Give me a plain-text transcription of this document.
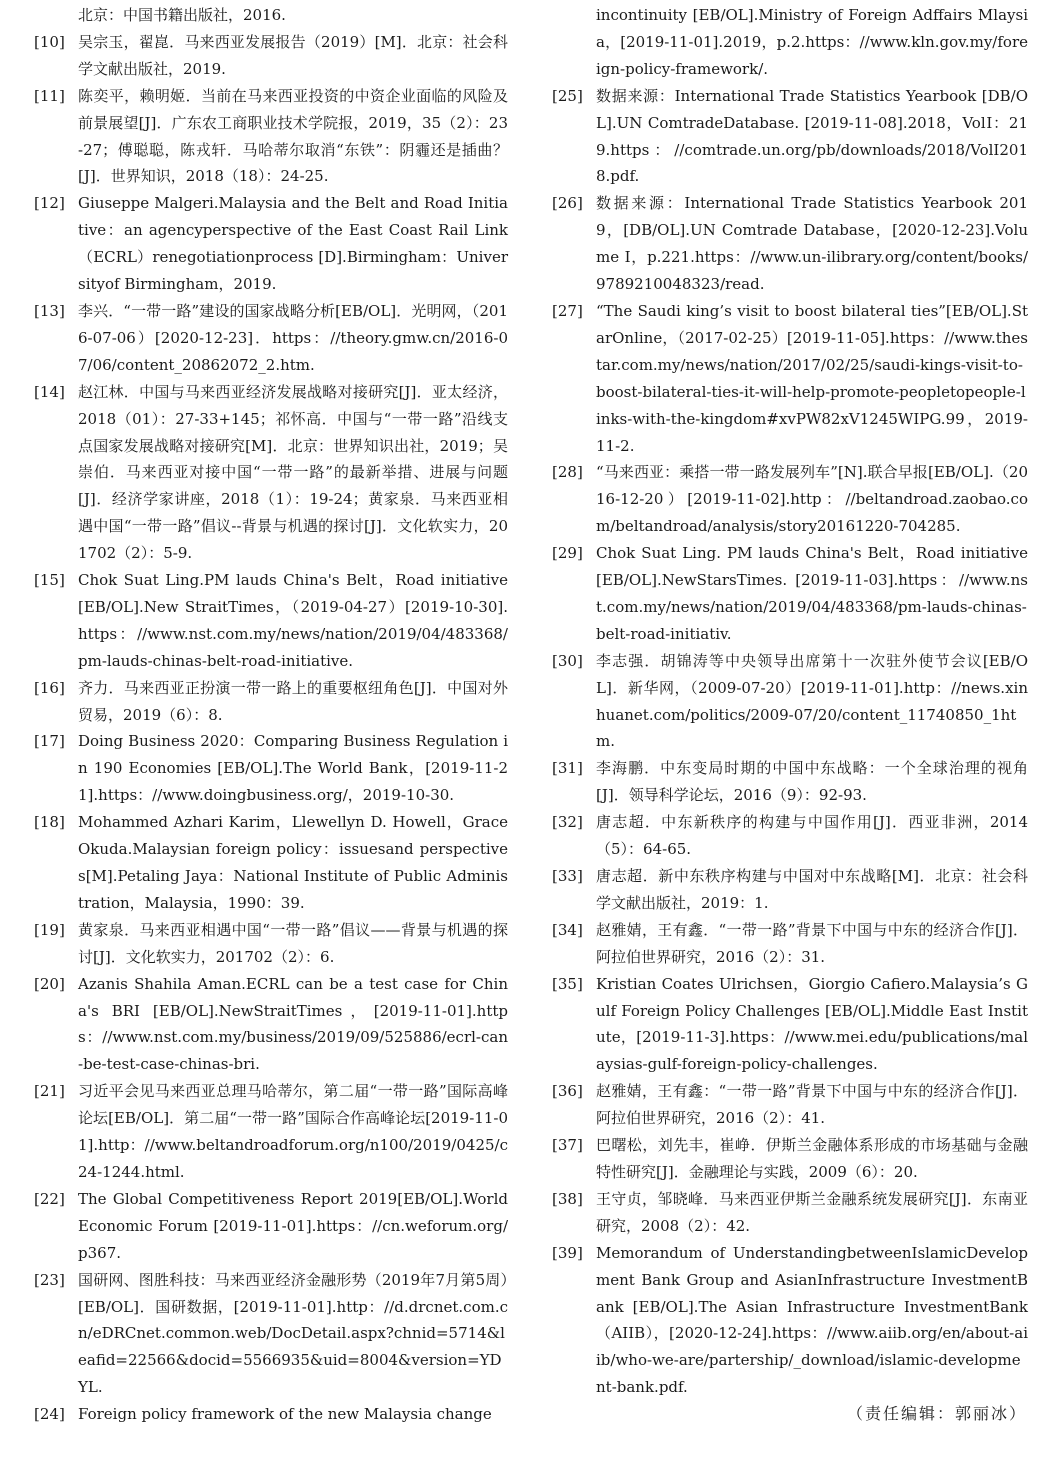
北京：中国书籍出版社，2016.
[10] 吴宗玉，翟崑．马来西亚发展报告（2019）[M]．北京：社会科学文献出版社，2019.
[11] 陈奕平，赖明姬．当前在马来西亚投资的中资企业面临的风险及前景展望[J]．广东农工商职业技术学院报，2019，35（2）：23-27；傅聪聪，陈戎轩．马哈蒂尔取消“东铁”：阴霾还是插曲？[J]．世界知识，2018（18）：24-25.
[12] Giuseppe Malgeri.Malaysia and the Belt and Road Initiative：an agencyperspective of the East Coast Rail Link（ECRL）renegotiationprocess [D].Birmingham：Universityof Birmingham，2019.
[13] 李兴．“一带一路”建设的国家战略分析[EB/OL]．光明网，（2016-07-06）[2020-12-23]．https：//theory.gmw.cn/2016-07/06/content_20862072_2.htm.
[14] 赵江林．中国与马来西亚经济发展战略对接研究[J]．亚太经济，2018（01）：27-33+145；祁怀高．中国与“一带一路”沿线支点国家发展战略对接研究[M]．北京：世界知识出社，2019；吴崇伯．马来西亚对接中国“一带一路”的最新举措、进展与问题[J]．经济学家讲座，2018（1）：19-24；黄家泉．马来西亚相遇中国“一带一路”倡议--背景与机遇的探讨[J]．文化软实力，201702（2）：5-9.
[15] Chok Suat Ling.PM lauds China's Belt，Road initiative[EB/OL].New StraitTimes，（2019-04-27）[2019-10-30].https：//www.nst.com.my/news/nation/2019/04/483368/pm-lauds-chinas-belt-road-initiative.
[16] 齐力．马来西亚正扮演一带一路上的重要枢纽角色[J]．中国对外贸易，2019（6）：8.
[17] Doing Business 2020：Comparing Business Regulation in 190 Economies [EB/OL].The World Bank，[2019-11-21].https：//www.doingbusiness.org/，2019-10-30.
[18] Mohammed Azhari Karim，Llewellyn D. Howell，Grace Okuda.Malaysian foreign policy：issuesand perspectives[M].Petaling Jaya：National Institute of Public Administration，Malaysia，1990：39.
[19] 黄家泉．马来西亚相遇中国“一带一路”倡议——背景与机遇的探讨[J]．文化软实力，201702（2）：6.
[20] Azanis Shahila Aman.ECRL can be a test case for China's BRI [EB/OL].NewStraitTimes，[2019-11-01].https：//www.nst.com.my/business/2019/09/525886/ecrl-can-be-test-case-chinas-bri.
[21] 习近平会见马来西亚总理马哈蒂尔，第二届“一带一路”国际高峰论坛[EB/OL]．第二届“一带一路”国际合作高峰论坛[2019-11-01].http：//www.beltandroadforum.org/n100/2019/0425/c24-1244.html.
[22] The Global Competitiveness Report 2019[EB/OL].World Economic Forum [2019-11-01].https：//cn.weforum.org/p367.
[23] 国研网、图胜科技：马来西亚经济金融形势（2019年7月第5周）[EB/OL]．国研数据，[2019-11-01].http：//d.drcnet.com.cn/eDRCnet.common.web/DocDetail.aspx?chnid=5714&leafid=22566&docid=5566935&uid=8004&version=YDYL.
[24] Foreign policy framework of the new Malaysia change
incontinuity [EB/OL].Ministry of Foreign Adffairs Mlaysia，[2019-11-01].2019，p.2.https：//www.kln.gov.my/foreign-policy-framework/.
[25] 数据来源：International Trade Statistics Yearbook [DB/OL].UN ComtradeDatabase. [2019-11-08].2018，VolⅠ：219.https：//comtrade.un.org/pb/downloads/2018/VolI2018.pdf.
[26] 数据来源：International Trade Statistics Yearbook 2019，[DB/OL].UN Comtrade Database，[2020-12-23].Volume Ⅰ，p.221.https：//www.un-ilibrary.org/content/books/9789210048323/read.
[27] “The Saudi king’s visit to boost bilateral ties”[EB/OL].StarOnline，（2017-02-25）[2019-11-05].https：//www.thestar.com.my/news/nation/2017/02/25/saudi-kings-visit-to-boost-bilateral-ties-it-will-help-promote-peopletopeople-links-with-the-kingdom#xvPW82xV1245WIPG.99，2019-11-2.
[28] “马来西亚：乘搭一带一路发展列车”[N].联合早报[EB/OL].（2016-12-20）[2019-11-02].http：//beltandroad.zaobao.com/beltandroad/analysis/story20161220-704285.
[29] Chok Suat Ling. PM lauds China's Belt，Road initiative[EB/OL].NewStarsTimes. [2019-11-03].https：//www.nst.com.my/news/nation/2019/04/483368/pm-lauds-chinas-belt-road-initiativ.
[30] 李志强．胡锦涛等中央领导出席第十一次驻外使节会议[EB/OL]．新华网，（2009-07-20）[2019-11-01].http：//news.xinhuanet.com/politics/2009-07/20/content_11740850_1htm.
[31] 李海鹏．中东变局时期的中国中东战略：一个全球治理的视角[J]．领导科学论坛，2016（9）：92-93.
[32] 唐志超．中东新秩序的构建与中国作用[J]．西亚非洲，2014（5）：64-65.
[33] 唐志超．新中东秩序构建与中国对中东战略[M]．北京：社会科学文献出版社，2019：1.
[34] 赵雅婧，王有鑫．“一带一路”背景下中国与中东的经济合作[J]．阿拉伯世界研究，2016（2）：31.
[35] Kristian Coates Ulrichsen，Giorgio Cafiero.Malaysia’s Gulf Foreign Policy Challenges [EB/OL].Middle East Institute，[2019-11-3].https：//www.mei.edu/publications/malaysias-gulf-foreign-policy-challenges.
[36] 赵雅婧，王有鑫：“一带一路”背景下中国与中东的经济合作[J]．阿拉伯世界研究，2016（2）：41.
[37] 巴曙松，刘先丰，崔峥．伊斯兰金融体系形成的市场基础与金融特性研究[J]．金融理论与实践，2009（6）：20.
[38] 王守贞，邹晓峰．马来西亚伊斯兰金融系统发展研究[J]．东南亚研究，2008（2）：42.
[39] Memorandum of UnderstandingbetweenIslamicDevelopment Bank Group and AsianInfrastructure InvestmentBank [EB/OL].The Asian Infrastructure InvestmentBank（AIIB），[2020-12-24].https：//www.aiib.org/en/about-aiib/who-we-are/partership/_download/islamic-development-bank.pdf.
（责任编辑：郭丽冰）
